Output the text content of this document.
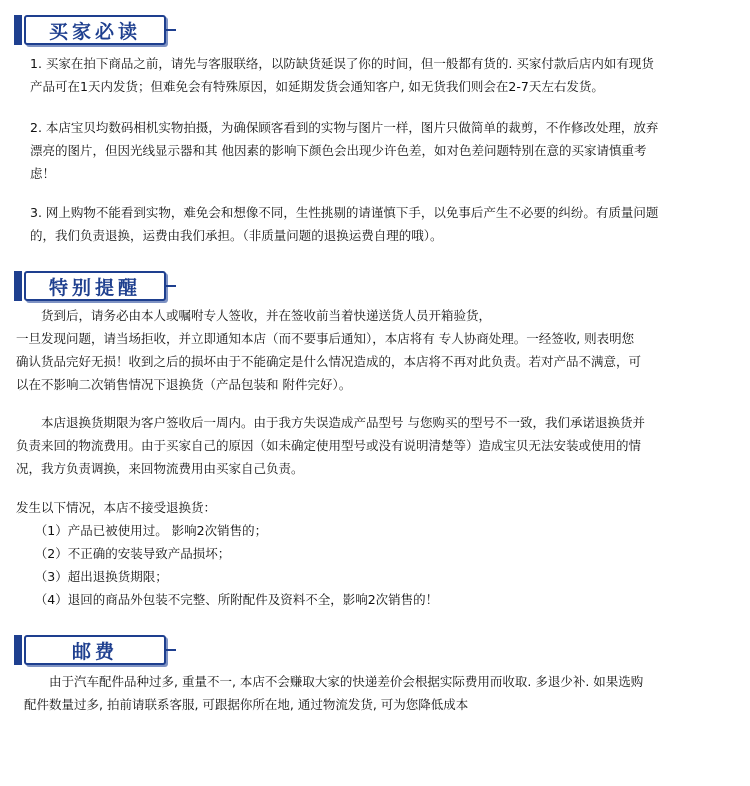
买家必读

1. 买家在拍下商品之前，请先与客服联络，以防缺货延误了你的时间，但一般都有货的. 买家付款后店内如有现货

产品可在1天内发货；但难免会有特殊原因，如延期发货会通知客户, 如无货我们则会在2-7天左右发货。

2. 本店宝贝均数码相机实物拍摄，为确保顾客看到的实物与图片一样，图片只做简单的裁剪，不作修改处理，放弃

漂亮的图片，但因光线显示器和其 他因素的影响下颜色会出现少许色差，如对色差问题特别在意的买家请慎重考

虑！

3. 网上购物不能看到实物，难免会和想像不同，生性挑剔的请谨慎下手，以免事后产生不必要的纠纷。有质量问题

的，我们负责退换，运费由我们承担。（非质量问题的退换运费自理的哦）。

特别提醒

　　货到后，请务必由本人或嘱咐专人签收，并在签收前当着快递送货人员开箱验货，

一旦发现问题，请当场拒收，并立即通知本店（而不要事后通知），本店将有 专人协商处理。一经签收, 则表明您

确认货品完好无损！收到之后的损坏由于不能确定是什么情况造成的，本店将不再对此负责。若对产品不满意，可

以在不影响二次销售情况下退换货（产品包装和 附件完好）。

　　本店退换货期限为客户签收后一周内。由于我方失误造成产品型号 与您购买的型号不一致，我们承诺退换货并

负责来回的物流费用。由于买家自己的原因（如未确定使用型号或没有说明清楚等）造成宝贝无法安装或使用的情

况，我方负责调换，来回物流费用由买家自己负责。

发生以下情况，本店不接受退换货：

　　（1）产品已被使用过。 影响2次销售的；

　　（2）不正确的安装导致产品损坏；

　　（3）超出退换货期限；

　　（4）退回的商品外包装不完整、所附配件及资料不全，影响2次销售的！

邮费

　　由于汽车配件品种过多, 重量不一, 本店不会赚取大家的快递差价会根据实际费用而收取. 多退少补. 如果选购

配件数量过多, 拍前请联系客服, 可跟据你所在地, 通过物流发货, 可为您降低成本
